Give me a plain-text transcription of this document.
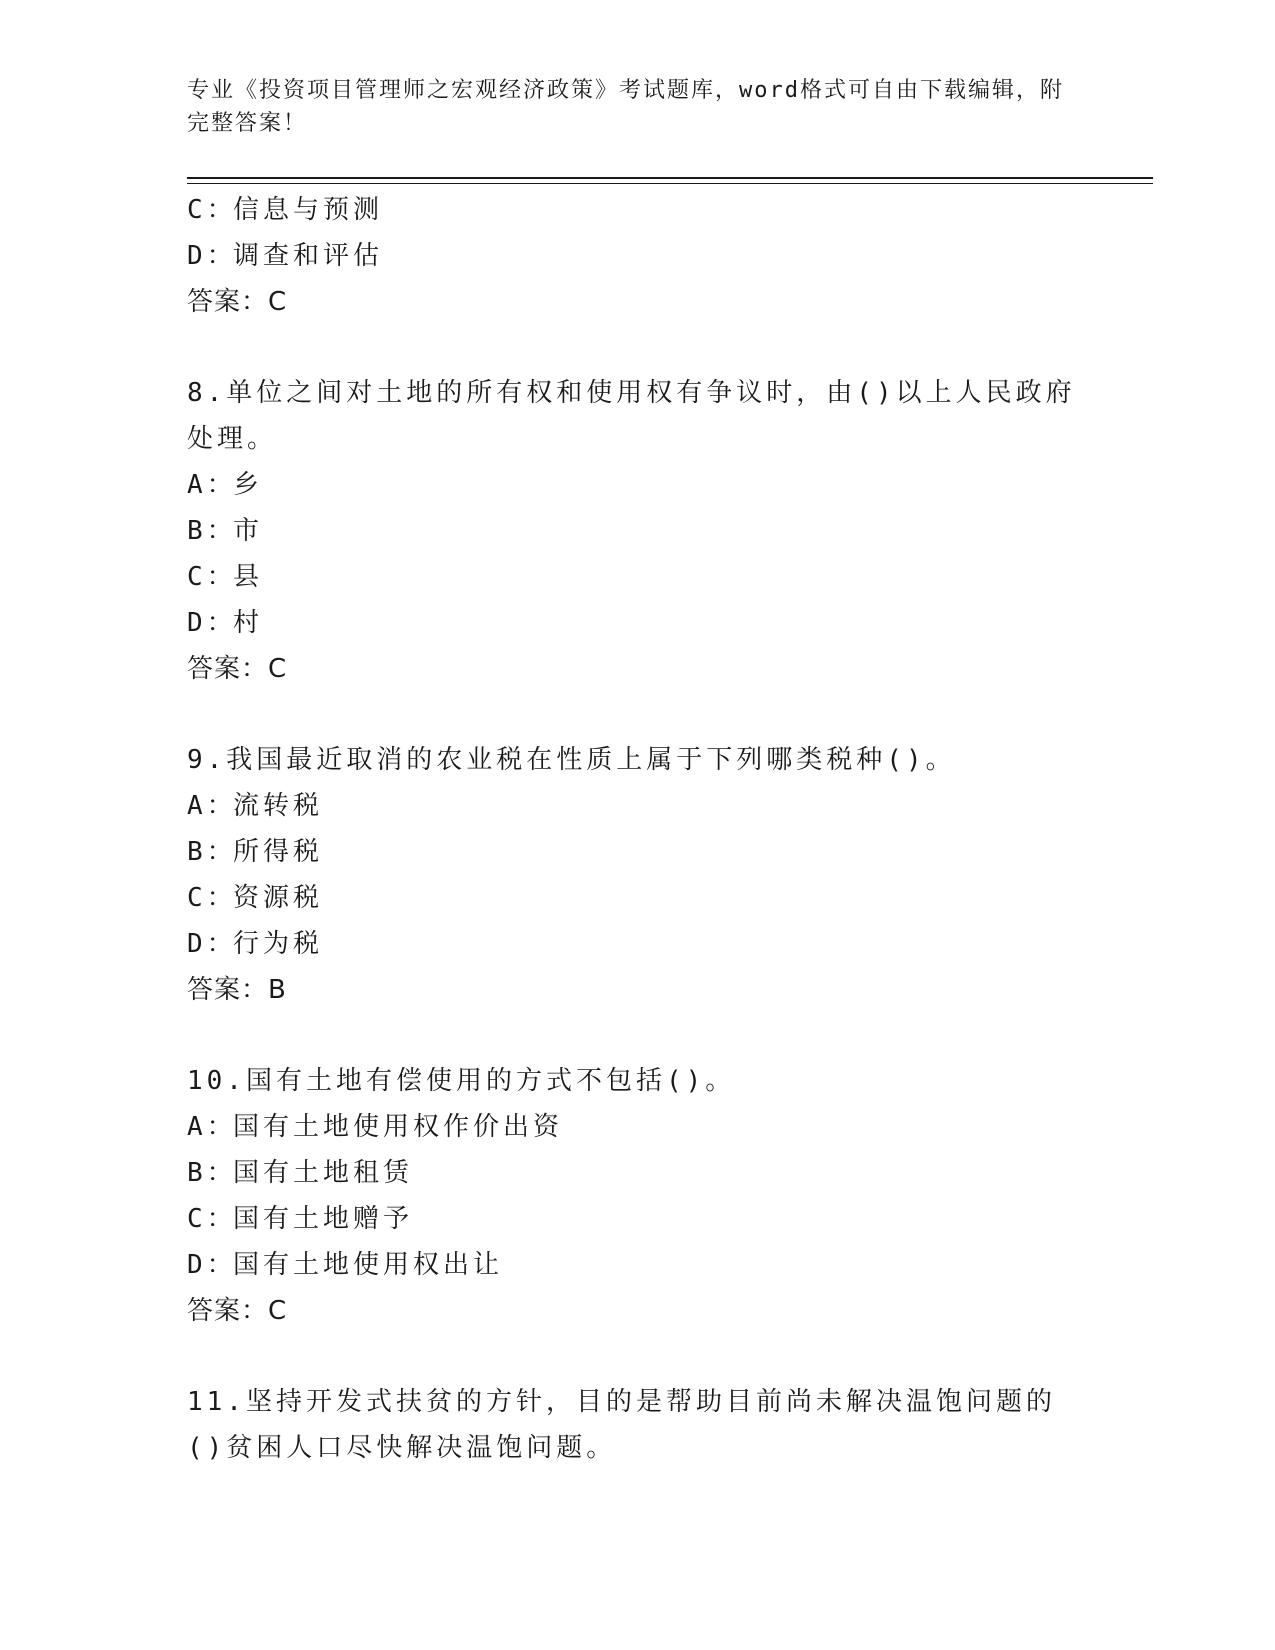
专业《投资项目管理师之宏观经济政策》考试题库，word格式可自由下载编辑，附完整答案！
C：信息与预测
D：调查和评估
答案：C
8.单位之间对土地的所有权和使用权有争议时，由()以上人民政府处理。
A：乡
B：市
C：县
D：村
答案：C
9.我国最近取消的农业税在性质上属于下列哪类税种()。
A：流转税
B：所得税
C：资源税
D：行为税
答案：B
10.国有土地有偿使用的方式不包括()。
A：国有土地使用权作价出资
B：国有土地租赁
C：国有土地赠予
D：国有土地使用权出让
答案：C
11.坚持开发式扶贫的方针，目的是帮助目前尚未解决温饱问题的()贫困人口尽快解决温饱问题。
